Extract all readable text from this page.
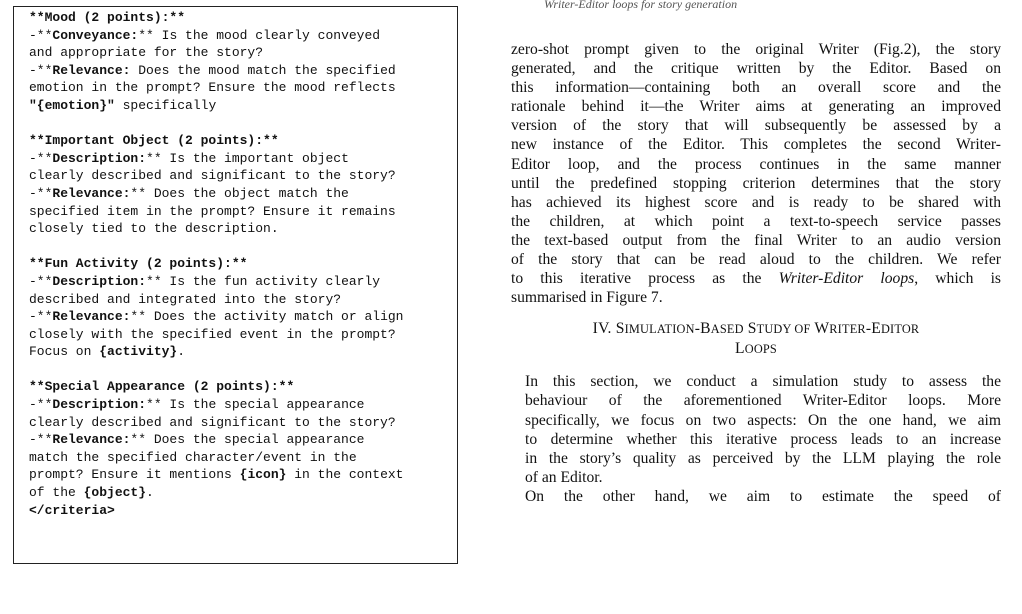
Writer-Editor loops for story generation
**Mood (2 points):**
-**Conveyance:** Is the mood clearly conveyed
and appropriate for the story?
-**Relevance: Does the mood match the specified
emotion in the prompt? Ensure the mood reflects
"{emotion}" specifically

**Important Object (2 points):**
-**Description:** Is the important object
clearly described and significant to the story?
-**Relevance:** Does the object match the
specified item in the prompt? Ensure it remains
closely tied to the description.

**Fun Activity (2 points):**
-**Description:** Is the fun activity clearly
described and integrated into the story?
-**Relevance:** Does the activity match or align
closely with the specified event in the prompt?
Focus on {activity}.

**Special Appearance (2 points):**
-**Description:** Is the special appearance
clearly described and significant to the story?
-**Relevance:** Does the special appearance
match the specified character/event in the
prompt? Ensure it mentions {icon} in the context
of the {object}.
</criteria>

zero-shot prompt given to the original Writer (Fig.2), the story
generated, and the critique written by the Editor. Based on
this information—containing both an overall score and the
rationale behind it—the Writer aims at generating an improved
version of the story that will subsequently be assessed by a
new instance of the Editor. This completes the second Writer-
Editor loop, and the process continues in the same manner
until the predefined stopping criterion determines that the story
has achieved its highest score and is ready to be shared with
the children, at which point a text-to-speech service passes
the text-based output from the final Writer to an audio version
of the story that can be read aloud to the children. We refer
to this iterative process as the Writer-Editor loops, which is
summarised in Figure 7.

IV. SIMULATION-BASED STUDY OF WRITER-EDITOR
LOOPS

In this section, we conduct a simulation study to assess the
behaviour of the aforementioned Writer-Editor loops. More
specifically, we focus on two aspects: On the one hand, we aim
to determine whether this iterative process leads to an increase
in the story’s quality as perceived by the LLM playing the role
of an Editor.

On the other hand, we aim to estimate the speed of
